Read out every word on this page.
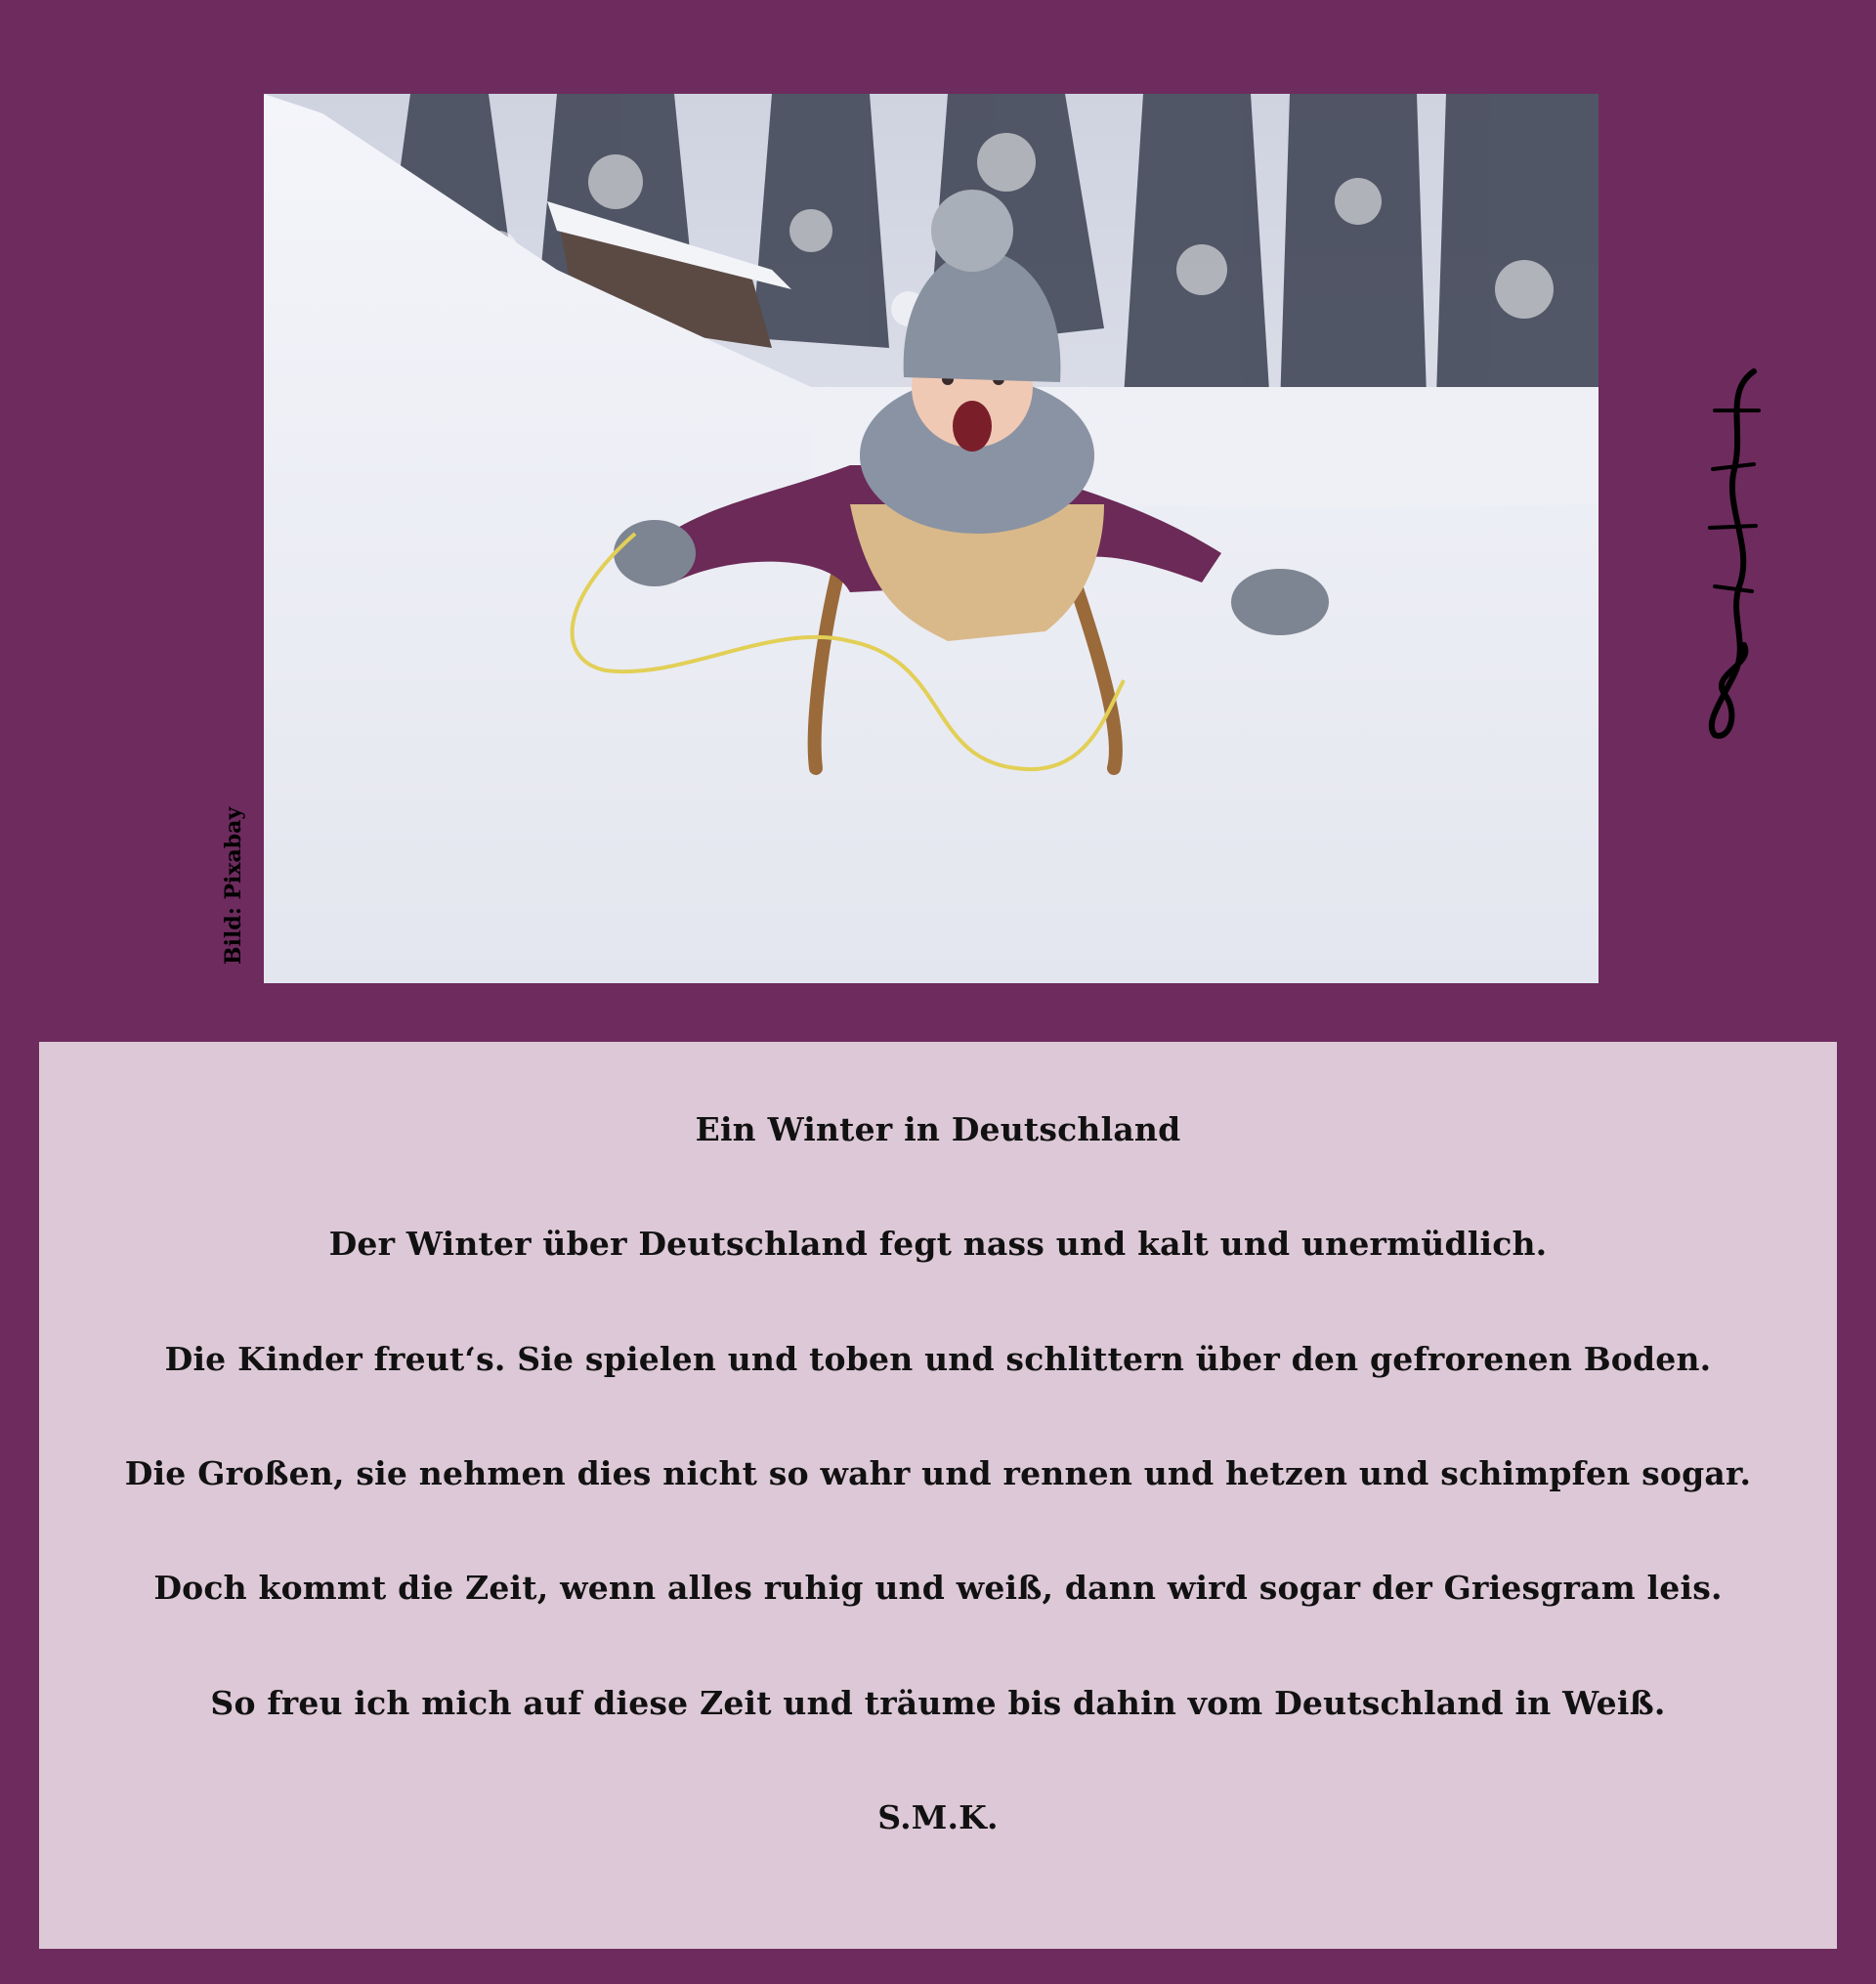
Bild: Pixabay
Ein Winter in Deutschland
Der Winter über Deutschland fegt nass und kalt und unermüdlich.
Die Kinder freut‘s. Sie spielen und toben und schlittern über den gefrorenen Boden.
Die Großen, sie nehmen dies nicht so wahr und rennen und hetzen und schimpfen sogar.
Doch kommt die Zeit, wenn alles ruhig und weiß, dann wird sogar der Griesgram leis.
So freu ich mich auf diese Zeit und träume bis dahin vom Deutschland in Weiß.
S.M.K.
